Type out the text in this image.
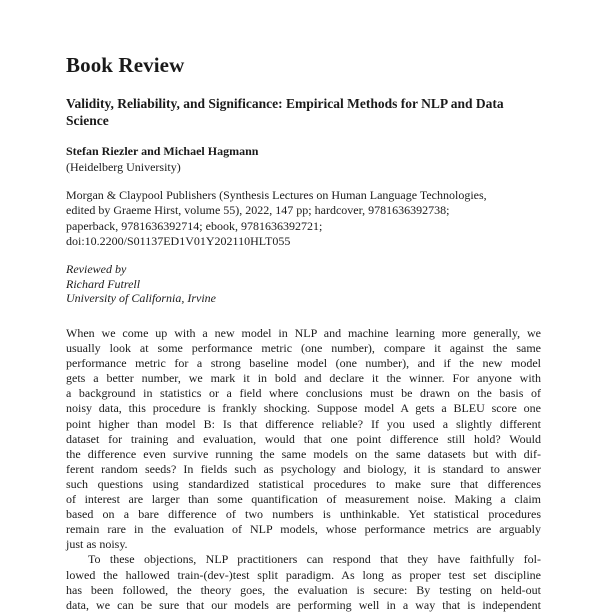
Book Review
Validity, Reliability, and Significance: Empirical Methods for NLP and Data Science
Stefan Riezler and Michael Hagmann
(Heidelberg University)
Morgan & Claypool Publishers (Synthesis Lectures on Human Language Technologies,
edited by Graeme Hirst, volume 55), 2022, 147 pp; hardcover, 9781636392738;
paperback, 9781636392714; ebook, 9781636392721;
doi:10.2200/S01137ED1V01Y202110HLT055
Reviewed by
Richard Futrell
University of California, Irvine
When we come up with a new model in NLP and machine learning more generally, we
usually look at some performance metric (one number), compare it against the same
performance metric for a strong baseline model (one number), and if the new model
gets a better number, we mark it in bold and declare it the winner. For anyone with
a background in statistics or a field where conclusions must be drawn on the basis of
noisy data, this procedure is frankly shocking. Suppose model A gets a BLEU score one
point higher than model B: Is that difference reliable? If you used a slightly different
dataset for training and evaluation, would that one point difference still hold? Would
the difference even survive running the same models on the same datasets but with dif-
ferent random seeds? In fields such as psychology and biology, it is standard to answer
such questions using standardized statistical procedures to make sure that differences
of interest are larger than some quantification of measurement noise. Making a claim
based on a bare difference of two numbers is unthinkable. Yet statistical procedures
remain rare in the evaluation of NLP models, whose performance metrics are arguably
just as noisy.
To these objections, NLP practitioners can respond that they have faithfully fol-
lowed the hallowed train-(dev-)test split paradigm. As long as proper test set discipline
has been followed, the theory goes, the evaluation is secure: By testing on held-out
data, we can be sure that our models are performing well in a way that is independent
